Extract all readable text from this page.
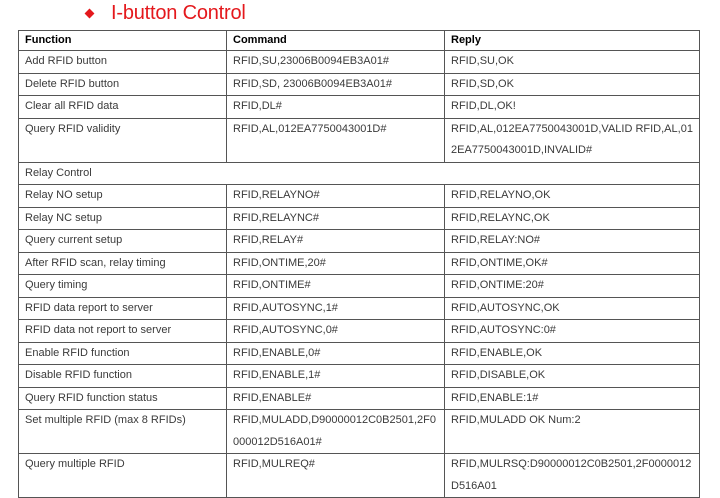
I-button Control
Function	Command	Reply
Add RFID button	RFID,SU,23006B0094EB3A01#	RFID,SU,OK
Delete RFID button	RFID,SD, 23006B0094EB3A01#	RFID,SD,OK
Clear all RFID data	RFID,DL#	RFID,DL,OK!
Query RFID validity	RFID,AL,012EA7750043001D#	RFID,AL,012EA7750043001D,VALID RFID,AL,012EA7750043001D,INVALID#
Relay Control		
Relay NO setup	RFID,RELAYNO#	RFID,RELAYNO,OK
Relay NC setup	RFID,RELAYNC#	RFID,RELAYNC,OK
Query current setup	RFID,RELAY#	RFID,RELAY:NO#
After RFID scan, relay timing	RFID,ONTIME,20#	RFID,ONTIME,OK#
Query timing	RFID,ONTIME#	RFID,ONTIME:20#
RFID data report to server	RFID,AUTOSYNC,1#	RFID,AUTOSYNC,OK
RFID data not report to server	RFID,AUTOSYNC,0#	RFID,AUTOSYNC:0#
Enable RFID function	RFID,ENABLE,0#	RFID,ENABLE,OK
Disable RFID function	RFID,ENABLE,1#	RFID,DISABLE,OK
Query RFID function status	RFID,ENABLE#	RFID,ENABLE:1#
Set multiple RFID (max 8 RFIDs)	RFID,MULADD,D90000012C0B2501,2F0000012D516A01#	RFID,MULADD OK Num:2
Query multiple RFID	RFID,MULREQ#	RFID,MULRSQ:D90000012C0B2501,2F0000012D516A01
